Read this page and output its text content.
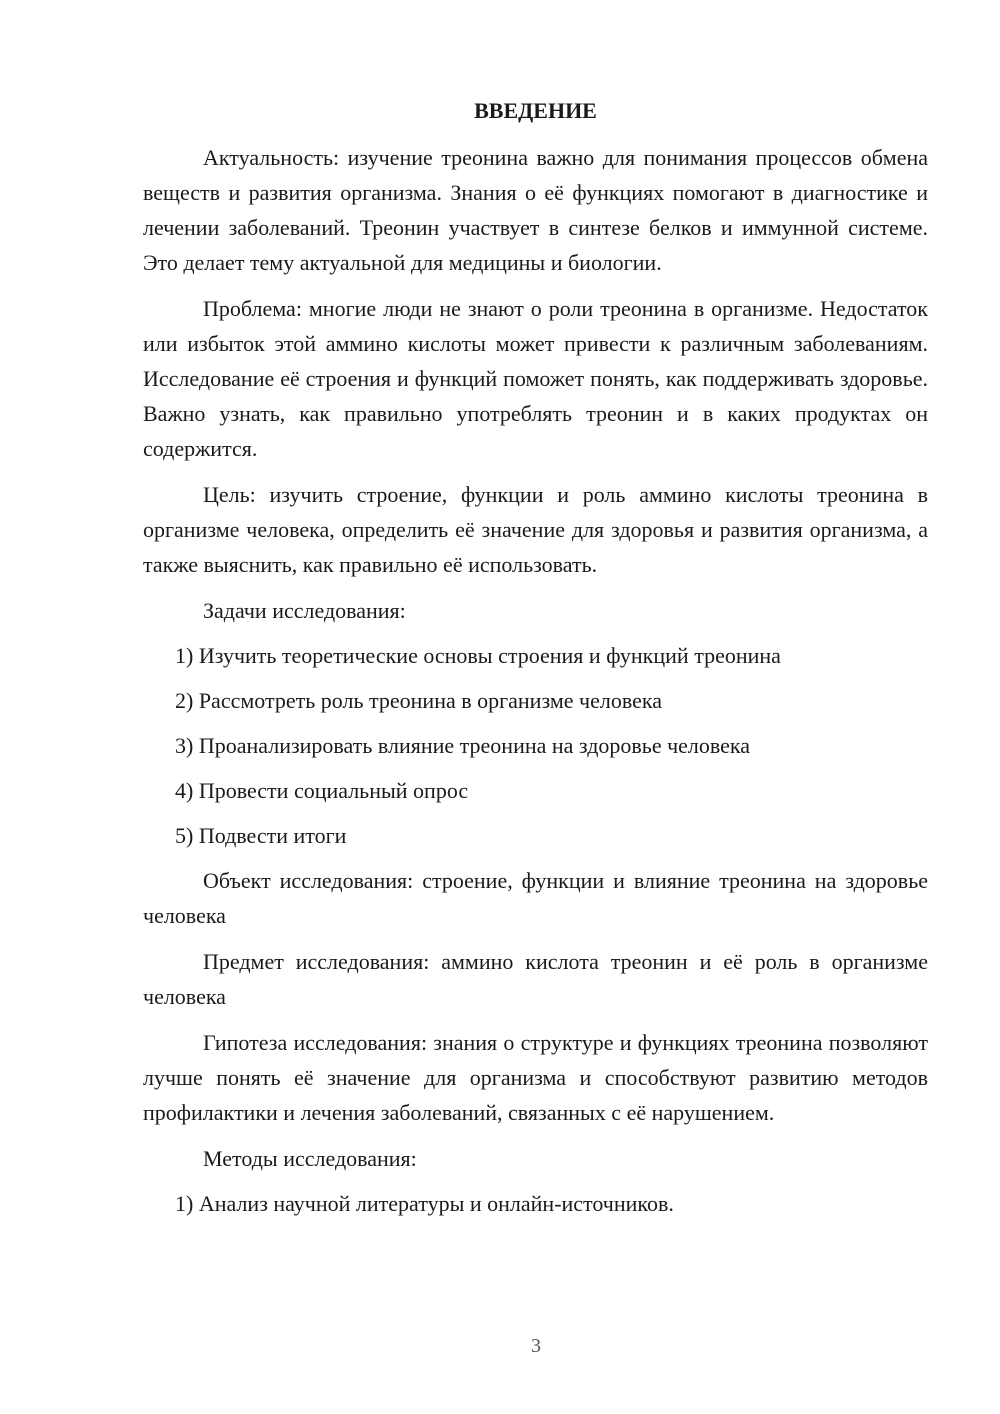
ВВЕДЕНИЕ

Актуальность: изучение треонина важно для понимания процессов обмена веществ и развития организма. Знания о её функциях помогают в диагностике и лечении заболеваний. Треонин участвует в синтезе белков и иммунной системе. Это делает тему актуальной для медицины и биологии.

Проблема: многие люди не знают о роли треонина в организме. Недостаток или избыток этой аммино кислоты может привести к различным заболеваниям. Исследование её строения и функций поможет понять, как поддерживать здоровье. Важно узнать, как правильно употреблять треонин и в каких продуктах он содержится.

Цель: изучить строение, функции и роль аммино кислоты треонина в организме человека, определить её значение для здоровья и развития организма, а также выяснить, как правильно её использовать.

Задачи исследования:

1) Изучить теоретические основы строения и функций треонина
2) Рассмотреть роль треонина в организме человека
3) Проанализировать влияние треонина на здоровье человека
4) Провести социальный опрос
5) Подвести итоги

Объект исследования: строение, функции и влияние треонина на здоровье человека

Предмет исследования: аммино кислота треонин и её роль в организме человека

Гипотеза исследования: знания о структуре и функциях треонина позволяют лучше понять её значение для организма и способствуют развитию методов профилактики и лечения заболеваний, связанных с её нарушением.

Методы исследования:

1) Анализ научной литературы и онлайн-источников.
3
